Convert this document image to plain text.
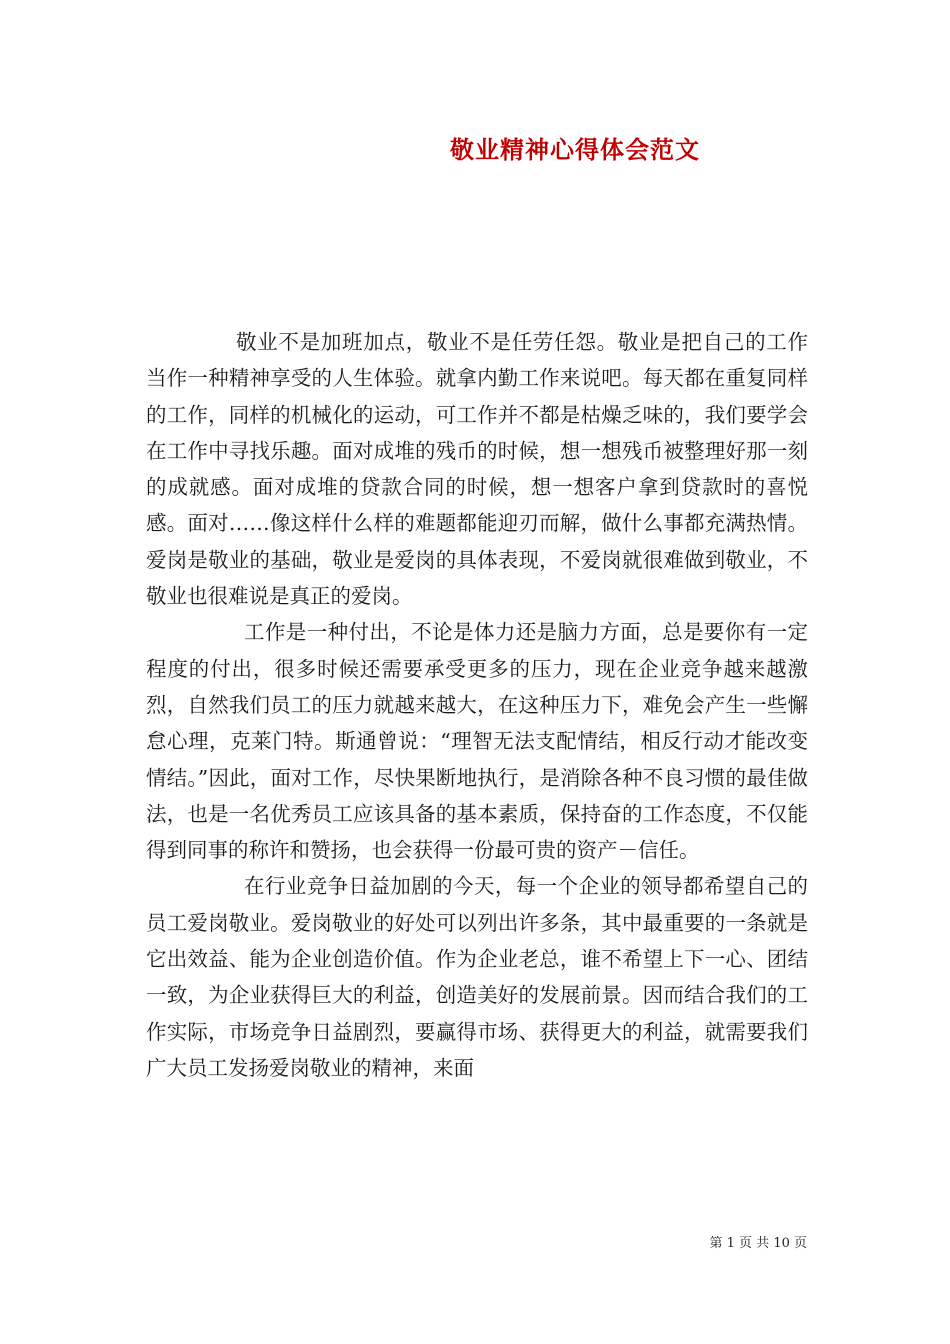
敬业精神心得体会范文

敬业不是加班加点，敬业不是任劳任怨。敬业是把自己的工作当作一种精神享受的人生体验。就拿内勤工作来说吧。每天都在重复同样的工作，同样的机械化的运动，可工作并不都是枯燥乏味的，我们要学会在工作中寻找乐趣。面对成堆的残币的时候，想一想残币被整理好那一刻的成就感。面对成堆的贷款合同的时候，想一想客户拿到贷款时的喜悦感。面对……像这样什么样的难题都能迎刃而解，做什么事都充满热情。爱岗是敬业的基础，敬业是爱岗的具体表现，不爱岗就很难做到敬业，不敬业也很难说是真正的爱岗。

工作是一种付出，不论是体力还是脑力方面，总是要你有一定程度的付出，很多时候还需要承受更多的压力，现在企业竞争越来越激烈，自然我们员工的压力就越来越大，在这种压力下，难免会产生一些懈怠心理，克莱门特。斯通曾说：“理智无法支配情结，相反行动才能改变情结。”因此，面对工作，尽快果断地执行，是消除各种不良习惯的最佳做法，也是一名优秀员工应该具备的基本素质，保持奋的工作态度，不仅能得到同事的称许和赞扬，也会获得一份最可贵的资产－信任。

在行业竞争日益加剧的今天，每一个企业的领导都希望自己的员工爱岗敬业。爱岗敬业的好处可以列出许多条，其中最重要的一条就是它出效益、能为企业创造价值。作为企业老总，谁不希望上下一心、团结一致，为企业获得巨大的利益，创造美好的发展前景。因而结合我们的工作实际，市场竞争日益剧烈，要赢得市场、获得更大的利益，就需要我们广大员工发扬爱岗敬业的精神，来面

第 1 页 共 10 页
